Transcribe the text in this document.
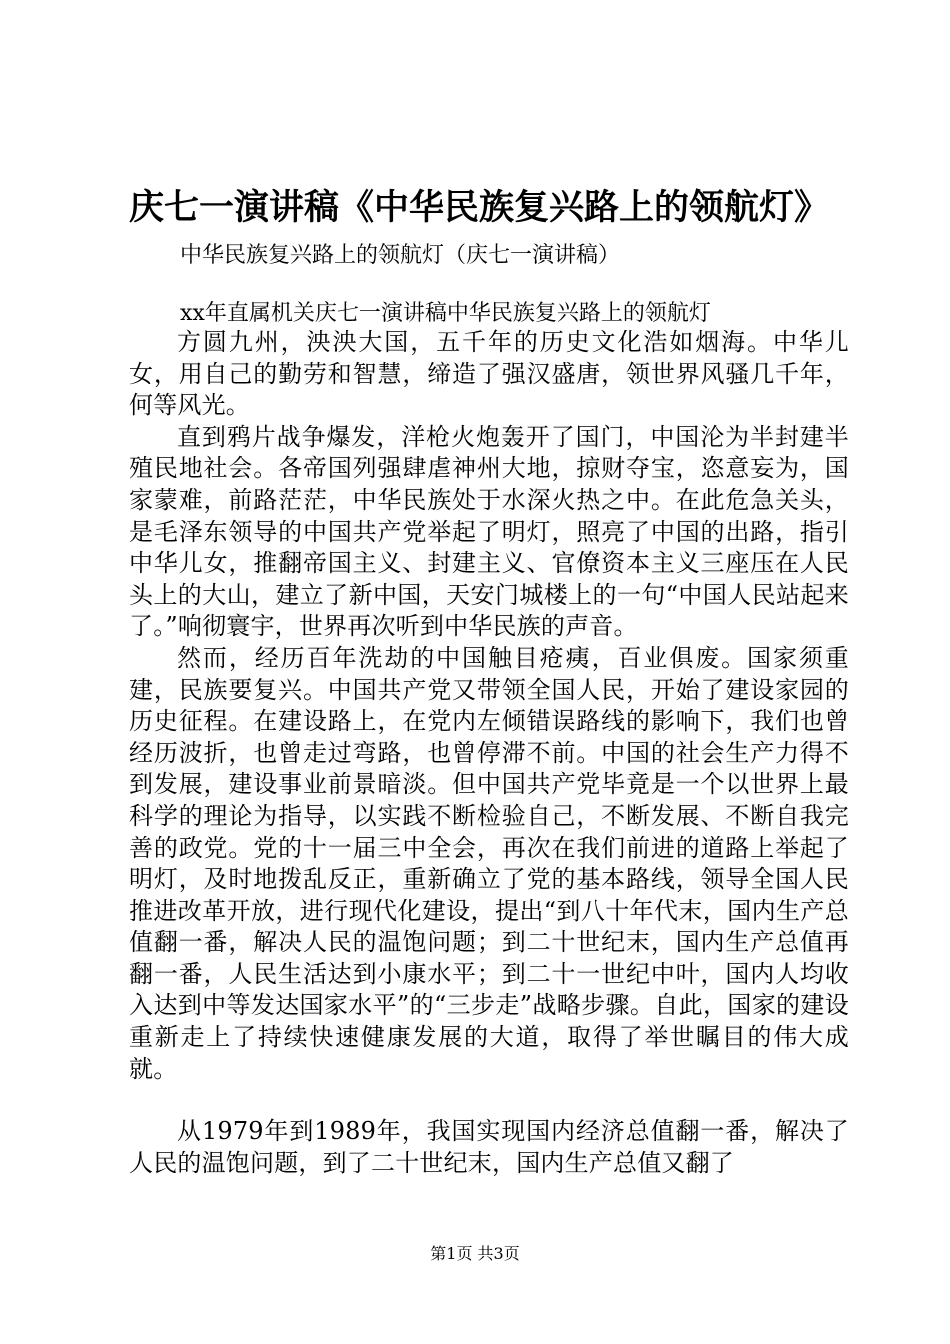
庆七一演讲稿《中华民族复兴路上的领航灯》

中华民族复兴路上的领航灯（庆七一演讲稿）

xx年直属机关庆七一演讲稿中华民族复兴路上的领航灯

方圆九州，泱泱大国，五千年的历史文化浩如烟海。中华儿女，用自己的勤劳和智慧，缔造了强汉盛唐，领世界风骚几千年，何等风光。

直到鸦片战争爆发，洋枪火炮轰开了国门，中国沦为半封建半殖民地社会。各帝国列强肆虐神州大地，掠财夺宝，恣意妄为，国家蒙难，前路茫茫，中华民族处于水深火热之中。在此危急关头，是毛泽东领导的中国共产党举起了明灯，照亮了中国的出路，指引中华儿女，推翻帝国主义、封建主义、官僚资本主义三座压在人民头上的大山，建立了新中国，天安门城楼上的一句“中国人民站起来了。”响彻寰宇，世界再次听到中华民族的声音。

然而，经历百年洗劫的中国触目疮痍，百业俱废。国家须重建，民族要复兴。中国共产党又带领全国人民，开始了建设家园的历史征程。在建设路上，在党内左倾错误路线的影响下，我们也曾经历波折，也曾走过弯路，也曾停滞不前。中国的社会生产力得不到发展，建设事业前景暗淡。但中国共产党毕竟是一个以世界上最科学的理论为指导，以实践不断检验自己，不断发展、不断自我完善的政党。党的十一届三中全会，再次在我们前进的道路上举起了明灯，及时地拨乱反正，重新确立了党的基本路线，领导全国人民推进改革开放，进行现代化建设，提出“到八十年代末，国内生产总值翻一番，解决人民的温饱问题；到二十世纪末，国内生产总值再翻一番，人民生活达到小康水平；到二十一世纪中叶，国内人均收入达到中等发达国家水平”的“三步走”战略步骤。自此，国家的建设重新走上了持续快速健康发展的大道，取得了举世瞩目的伟大成就。

从1979年到1989年，我国实现国内经济总值翻一番，解决了人民的温饱问题，到了二十世纪末，国内生产总值又翻了

第1页 共3页
